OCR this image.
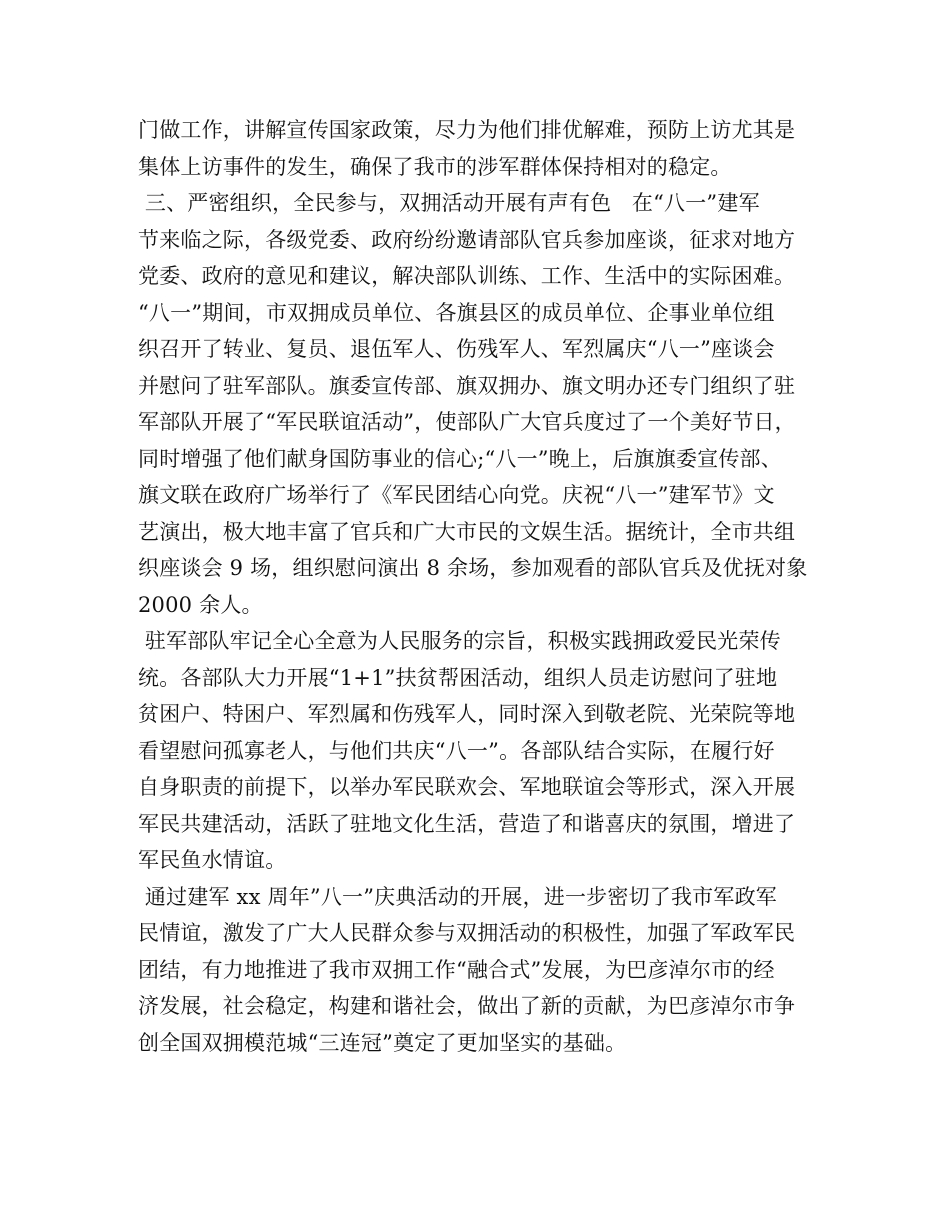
门做工作，讲解宣传国家政策，尽力为他们排优解难，预防上访尤其是
集体上访事件的发生，确保了我市的涉军群体保持相对的稳定。
三、严密组织，全民参与，双拥活动开展有声有色   在“八一”建军
节来临之际，各级党委、政府纷纷邀请部队官兵参加座谈，征求对地方
党委、政府的意见和建议，解决部队训练、工作、生活中的实际困难。
“八一”期间，市双拥成员单位、各旗县区的成员单位、企事业单位组
织召开了转业、复员、退伍军人、伤残军人、军烈属庆“八一”座谈会
并慰问了驻军部队。旗委宣传部、旗双拥办、旗文明办还专门组织了驻
军部队开展了“军民联谊活动”，使部队广大官兵度过了一个美好节日，
同时增强了他们献身国防事业的信心;“八一”晚上，后旗旗委宣传部、
旗文联在政府广场举行了《军民团结心向党。庆祝“八一”建军节》文
艺演出，极大地丰富了官兵和广大市民的文娱生活。据统计，全市共组
织座谈会 9 场，组织慰问演出 8 余场，参加观看的部队官兵及优抚对象
2000 余人。
驻军部队牢记全心全意为人民服务的宗旨，积极实践拥政爱民光荣传
统。各部队大力开展“1+1”扶贫帮困活动，组织人员走访慰问了驻地
贫困户、特困户、军烈属和伤残军人，同时深入到敬老院、光荣院等地
看望慰问孤寡老人，与他们共庆“八一”。各部队结合实际，在履行好
自身职责的前提下，以举办军民联欢会、军地联谊会等形式，深入开展
军民共建活动，活跃了驻地文化生活，营造了和谐喜庆的氛围，增进了
军民鱼水情谊。
通过建军 xx 周年”八一”庆典活动的开展，进一步密切了我市军政军
民情谊，激发了广大人民群众参与双拥活动的积极性，加强了军政军民
团结，有力地推进了我市双拥工作“融合式”发展，为巴彦淖尔市的经
济发展，社会稳定，构建和谐社会，做出了新的贡献，为巴彦淖尔市争
创全国双拥模范城“三连冠”奠定了更加坚实的基础。
